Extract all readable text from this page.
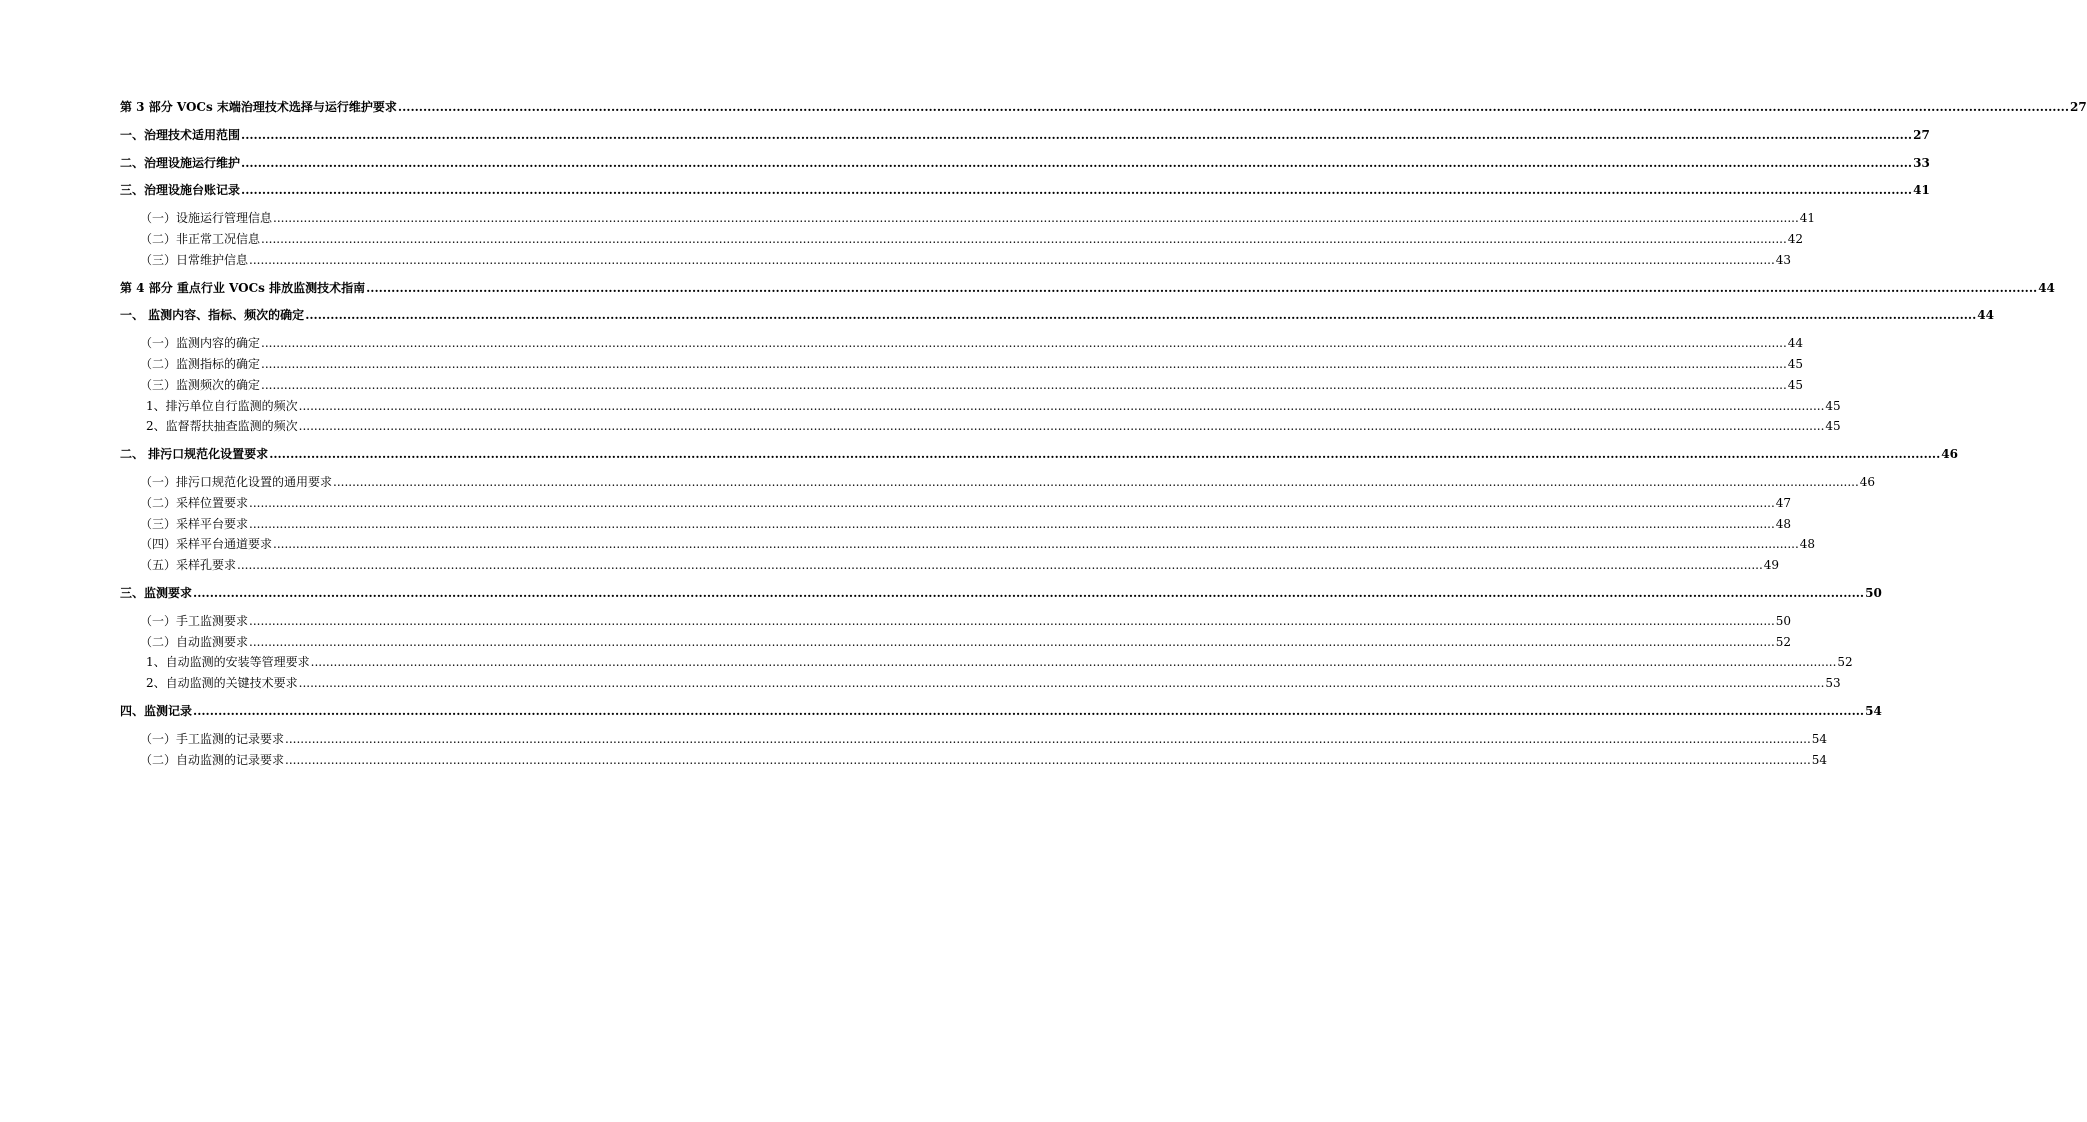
第 3 部分 VOCs 末端治理技术选择与运行维护要求 ................................................................................................................................................................................................................................................................................................................................................................................................................ 27
一、治理技术适用范围 ................................................................................................................................................................................................................................................................................................................................................................................................................ 27
二、治理设施运行维护 ................................................................................................................................................................................................................................................................................................................................................................................................................ 33
三、治理设施台账记录 ................................................................................................................................................................................................................................................................................................................................................................................................................ 41
（一）设施运行管理信息 ................................................................................................................................................................................................................................................................................................................................................................................................................ 41
（二）非正常工况信息 ................................................................................................................................................................................................................................................................................................................................................................................................................ 42
（三）日常维护信息 ................................................................................................................................................................................................................................................................................................................................................................................................................ 43
第 4 部分 重点行业 VOCs 排放监测技术指南 ................................................................................................................................................................................................................................................................................................................................................................................................................ 44
一、 监测内容、指标、频次的确定 ................................................................................................................................................................................................................................................................................................................................................................................................................ 44
（一）监测内容的确定 ................................................................................................................................................................................................................................................................................................................................................................................................................ 44
（二）监测指标的确定 ................................................................................................................................................................................................................................................................................................................................................................................................................ 45
（三）监测频次的确定 ................................................................................................................................................................................................................................................................................................................................................................................................................ 45
1、排污单位自行监测的频次 ................................................................................................................................................................................................................................................................................................................................................................................................................ 45
2、监督帮扶抽查监测的频次 ................................................................................................................................................................................................................................................................................................................................................................................................................ 45
二、 排污口规范化设置要求 ................................................................................................................................................................................................................................................................................................................................................................................................................ 46
（一）排污口规范化设置的通用要求 ................................................................................................................................................................................................................................................................................................................................................................................................................ 46
（二）采样位置要求 ................................................................................................................................................................................................................................................................................................................................................................................................................ 47
（三）采样平台要求 ................................................................................................................................................................................................................................................................................................................................................................................................................ 48
（四）采样平台通道要求 ................................................................................................................................................................................................................................................................................................................................................................................................................ 48
（五）采样孔要求 ................................................................................................................................................................................................................................................................................................................................................................................................................ 49
三、监测要求 ................................................................................................................................................................................................................................................................................................................................................................................................................ 50
（一）手工监测要求 ................................................................................................................................................................................................................................................................................................................................................................................................................ 50
（二）自动监测要求 ................................................................................................................................................................................................................................................................................................................................................................................................................ 52
1、自动监测的安装等管理要求 ................................................................................................................................................................................................................................................................................................................................................................................................................ 52
2、自动监测的关键技术要求 ................................................................................................................................................................................................................................................................................................................................................................................................................ 53
四、监测记录 ................................................................................................................................................................................................................................................................................................................................................................................................................ 54
（一）手工监测的记录要求 ................................................................................................................................................................................................................................................................................................................................................................................................................ 54
（二）自动监测的记录要求 ................................................................................................................................................................................................................................................................................................................................................................................................................ 54
